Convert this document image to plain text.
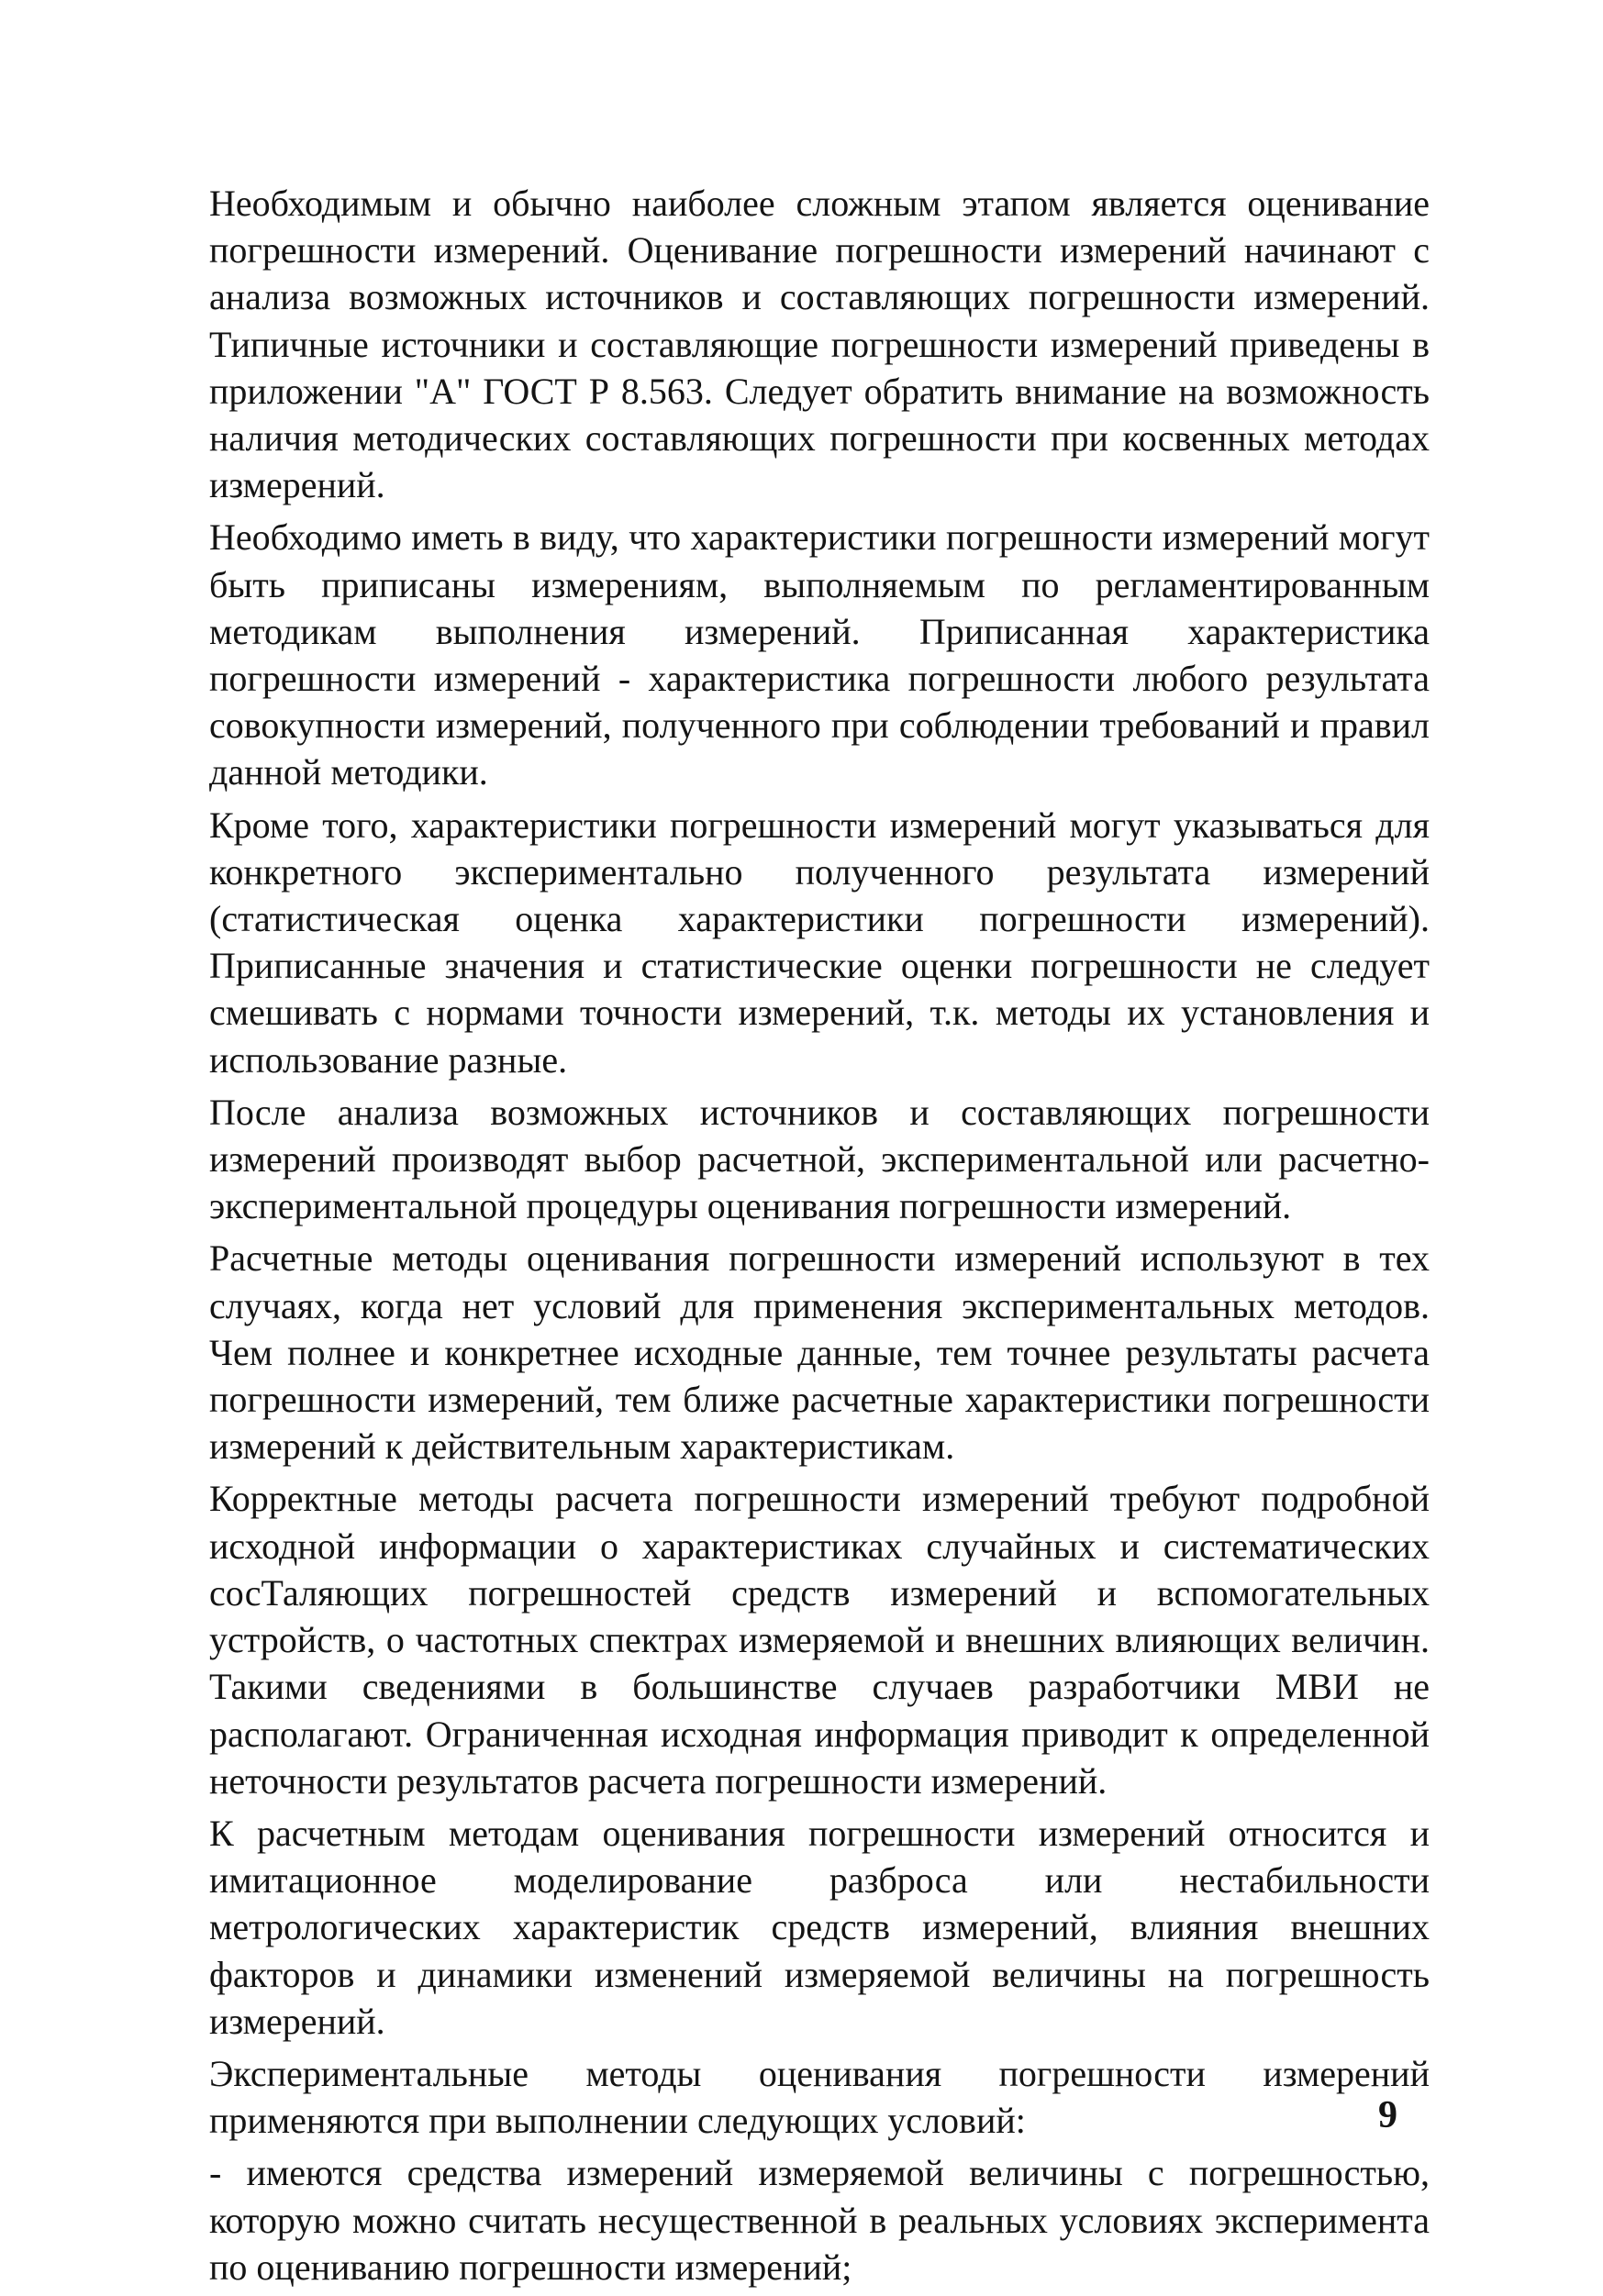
Необходимым и обычно наиболее сложным этапом является оценивание погрешности измерений. Оценивание погрешности измерений начинают с анализа возможных источников и составляющих погрешности измерений. Типичные источники и составляющие погрешности измерений приведены в приложении "А" ГОСТ Р 8.563. Следует обратить внимание на возможность наличия методических составляющих погрешности при косвенных методах измерений.

Необходимо иметь в виду, что характеристики погрешности измерений могут быть приписаны измерениям, выполняемым по регламентированным методикам выполнения измерений. Приписанная характеристика погрешности измерений - характеристика погрешности любого результата совокупности измерений, полученного при соблюдении требований и правил данной методики.

Кроме того, характеристики погрешности измерений могут указываться для конкретного экспериментально полученного результата измерений (статистическая оценка характеристики погрешности измерений). Приписанные значения и статистические оценки погрешности не следует смешивать с нормами точности измерений, т.к. методы их установления и использование разные.

После анализа возможных источников и составляющих погрешности измерений производят выбор расчетной, экспериментальной или расчетно-экспериментальной процедуры оценивания погрешности измерений.

Расчетные методы оценивания погрешности измерений используют в тех случаях, когда нет условий для применения экспериментальных методов. Чем полнее и конкретнее исходные данные, тем точнее результаты расчета погрешности измерений, тем ближе расчетные характеристики погрешности измерений к действительным характеристикам.

Корректные методы расчета погрешности измерений требуют подробной исходной информации о характеристиках случайных и систематических сосТаляющих погрешностей средств измерений и вспомогательных устройств, о частотных спектрах измеряемой и внешних влияющих величин. Такими сведениями в большинстве случаев разработчики МВИ не располагают. Ограниченная исходная информация приводит к определенной неточности результатов расчета погрешности измерений.

К расчетным методам оценивания погрешности измерений относится и имитационное моделирование разброса или нестабильности метрологических характеристик средств измерений, влияния внешних факторов и динамики изменений измеряемой величины на погрешность измерений.

Экспериментальные методы оценивания погрешности измерений применяются при выполнении следующих условий:

- имеются средства измерений измеряемой величины с погрешностью, которую можно считать несущественной в реальных условиях эксперимента по оцениванию погрешности измерений;

9
